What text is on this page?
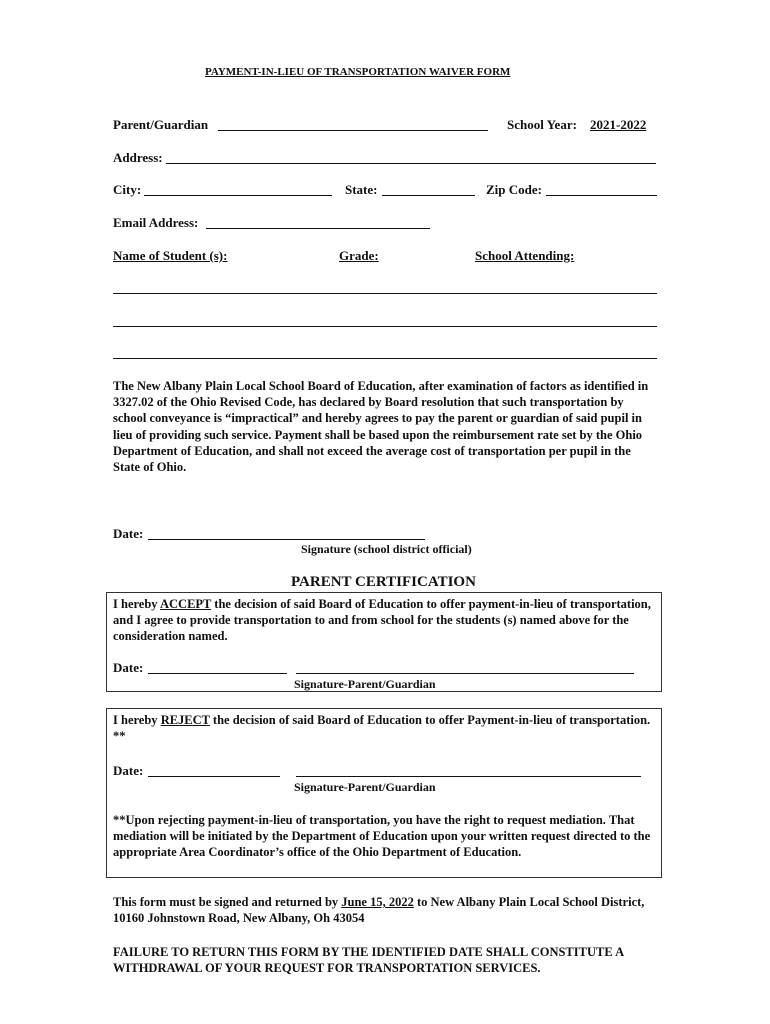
PAYMENT-IN-LIEU OF TRANSPORTATION WAIVER FORM
Parent/Guardian	School Year: 2021-2022
Address:
City:	State:	Zip Code:
Email Address:
Name of Student (s):	Grade:	School Attending:
The New Albany Plain Local School Board of Education, after examination of factors as identified in 3327.02 of the Ohio Revised Code, has declared by Board resolution that such transportation by school conveyance is “impractical” and hereby agrees to pay the parent or guardian of said pupil in lieu of providing such service. Payment shall be based upon the reimbursement rate set by the Ohio Department of Education, and shall not exceed the average cost of transportation per pupil in the State of Ohio.
Date:
Signature (school district official)
PARENT CERTIFICATION
I hereby ACCEPT the decision of said Board of Education to offer payment-in-lieu of transportation, and I agree to provide transportation to and from school for the students (s) named above for the consideration named.
Date:
Signature-Parent/Guardian
I hereby REJECT the decision of said Board of Education to offer Payment-in-lieu of transportation. **
Date:
Signature-Parent/Guardian
**Upon rejecting payment-in-lieu of transportation, you have the right to request mediation. That mediation will be initiated by the Department of Education upon your written request directed to the appropriate Area Coordinator’s office of the Ohio Department of Education.
This form must be signed and returned by June 15, 2022 to New Albany Plain Local School District, 10160 Johnstown Road, New Albany, Oh 43054
FAILURE TO RETURN THIS FORM BY THE IDENTIFIED DATE SHALL CONSTITUTE A WITHDRAWAL OF YOUR REQUEST FOR TRANSPORTATION SERVICES.
